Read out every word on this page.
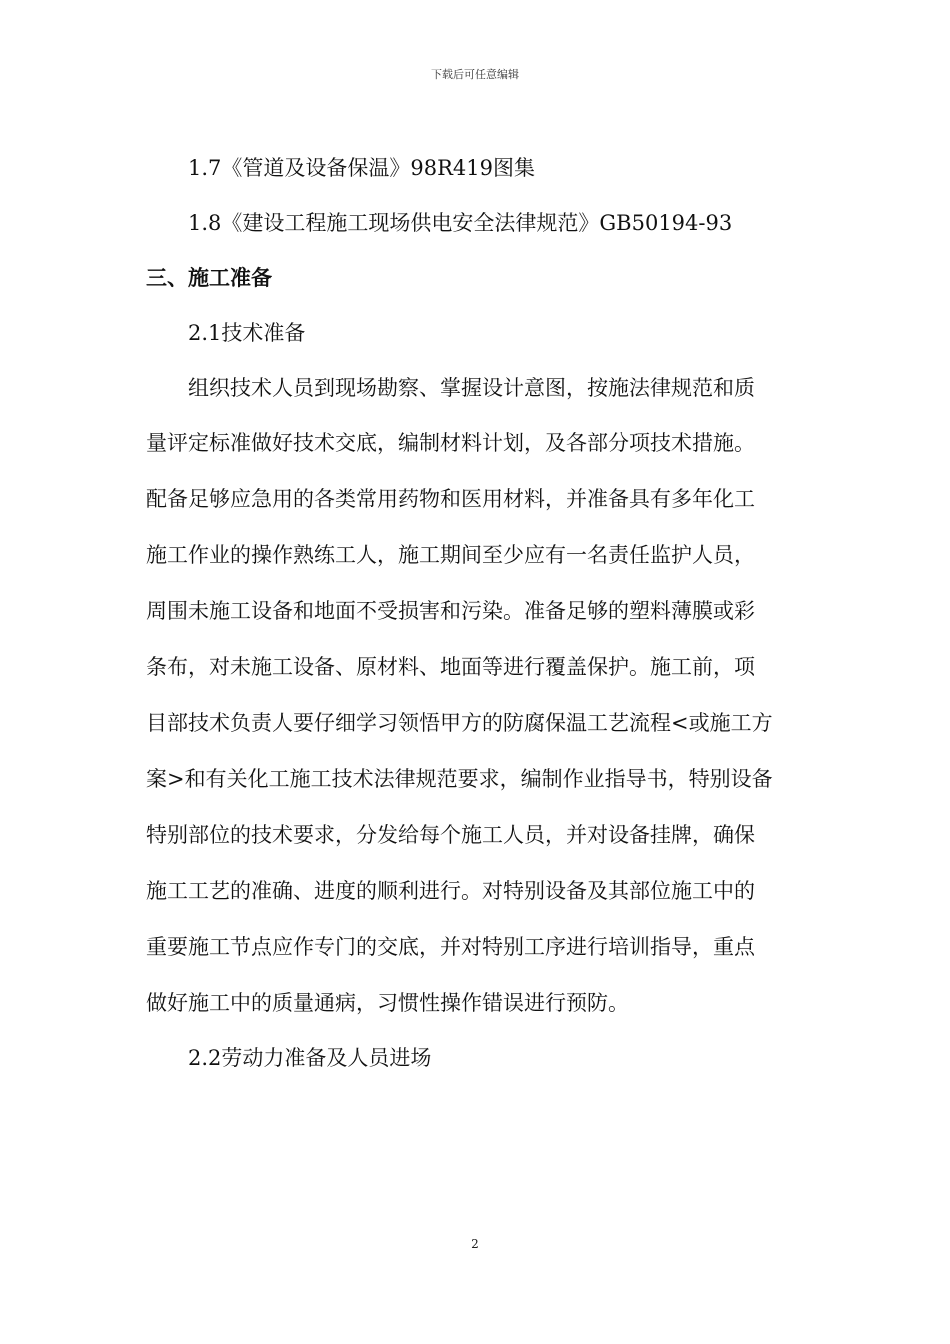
下载后可任意编辑
1.7《管道及设备保温》98R419图集
1.8《建设工程施工现场供电安全法律规范》GB50194-93
三、施工准备
2.1技术准备
组织技术人员到现场勘察、掌握设计意图，按施法律规范和质
量评定标准做好技术交底，编制材料计划，及各部分项技术措施。
配备足够应急用的各类常用药物和医用材料，并准备具有多年化工
施工作业的操作熟练工人，施工期间至少应有一名责任监护人员，
周围未施工设备和地面不受损害和污染。准备足够的塑料薄膜或彩
条布，对未施工设备、原材料、地面等进行覆盖保护。施工前，项
目部技术负责人要仔细学习领悟甲方的防腐保温工艺流程<或施工方
案>和有关化工施工技术法律规范要求，编制作业指导书，特别设备
特别部位的技术要求，分发给每个施工人员，并对设备挂牌，确保
施工工艺的准确、进度的顺利进行。对特别设备及其部位施工中的
重要施工节点应作专门的交底，并对特别工序进行培训指导，重点
做好施工中的质量通病，习惯性操作错误进行预防。
2.2劳动力准备及人员进场
2
